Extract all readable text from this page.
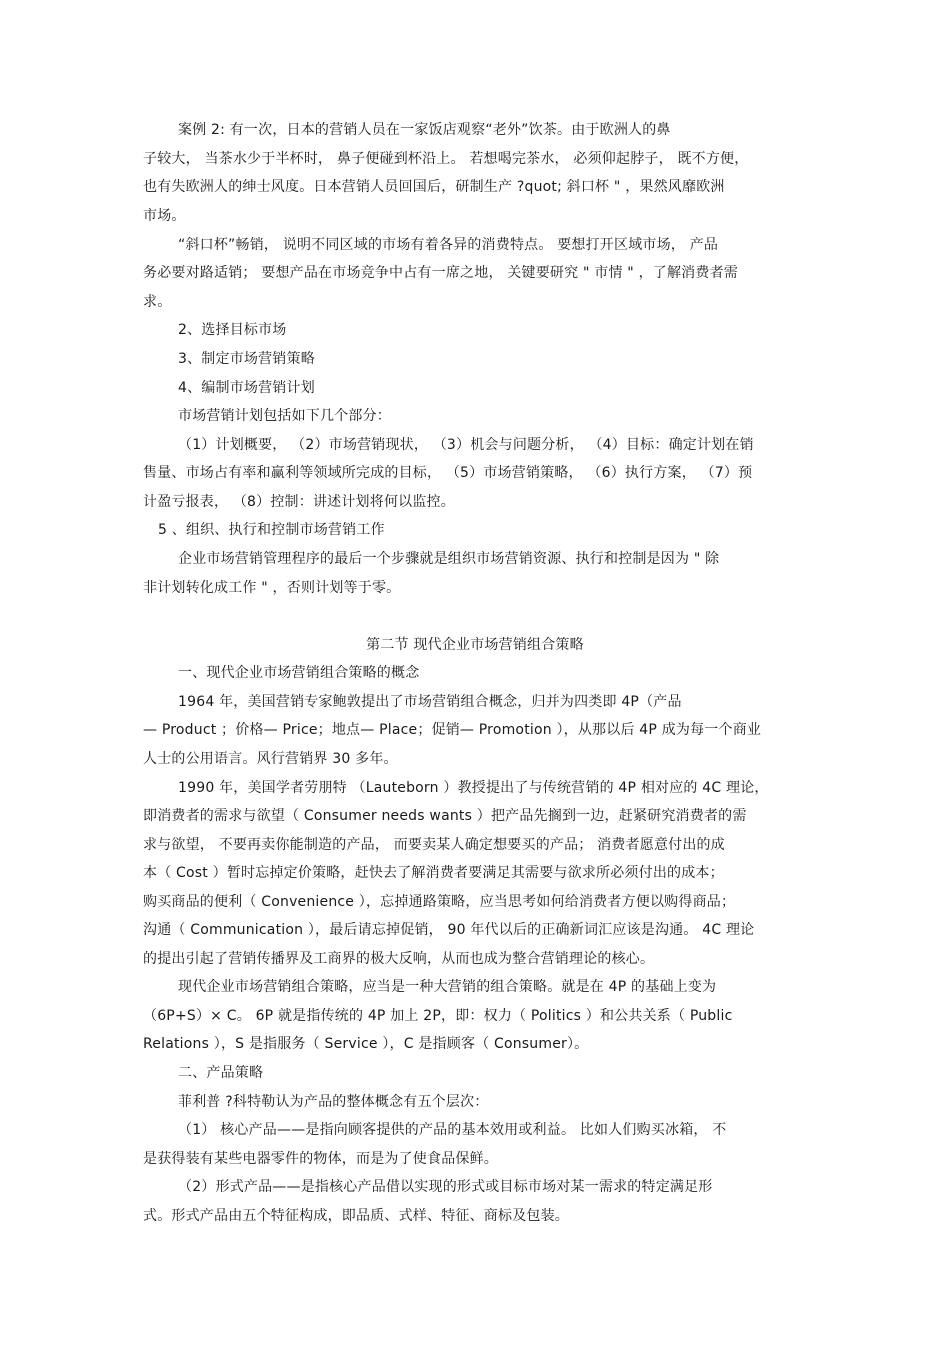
案例 2: 有一次，日本的营销人员在一家饭店观察“老外”饮茶。由于欧洲人的鼻
子较大， 当茶水少于半杯时， 鼻子便碰到杯沿上。 若想喝完茶水， 必须仰起脖子， 既不方便，
也有失欧洲人的绅士风度。日本营销人员回国后，研制生产 ?quot; 斜口杯 " ，果然风靡欧洲
市场。
“斜口杯”畅销， 说明不同区域的市场有着各异的消费特点。 要想打开区域市场， 产品
务必要对路适销； 要想产品在市场竞争中占有一席之地， 关键要研究 " 市情 " ，了解消费者需
求。
2、选择目标市场
3、制定市场营销策略
4、编制市场营销计划
市场营销计划包括如下几个部分：
（1）计划概要， （2）市场营销现状， （3）机会与问题分析， （4）目标：确定计划在销
售量、市场占有率和赢利等领域所完成的目标， （5）市场营销策略， （6）执行方案， （7）预
计盈亏报表， （8）控制：讲述计划将何以监控。
5 、组织、执行和控制市场营销工作
企业市场营销管理程序的最后一个步骤就是组织市场营销资源、执行和控制是因为 " 除
非计划转化成工作 " ，否则计划等于零。
第二节 现代企业市场营销组合策略
一、现代企业市场营销组合策略的概念
1964 年，美国营销专家鲍敦提出了市场营销组合概念，归并为四类即 4P（产品
— Product ；价格— Price；地点— Place；促销— Promotion ），从那以后 4P 成为每一个商业
人士的公用语言。风行营销界 30 多年。
1990 年，美国学者劳朋特 （Lauteborn ）教授提出了与传统营销的 4P 相对应的 4C 理论，
即消费者的需求与欲望（ Consumer needs wants ）把产品先搁到一边，赶紧研究消费者的需
求与欲望， 不要再卖你能制造的产品， 而要卖某人确定想要买的产品； 消费者愿意付出的成
本（ Cost ）暂时忘掉定价策略，赶快去了解消费者要满足其需要与欲求所必须付出的成本；
购买商品的便利（ Convenience ），忘掉通路策略，应当思考如何给消费者方便以购得商品；
沟通（ Communication ），最后请忘掉促销， 90 年代以后的正确新词汇应该是沟通。 4C 理论
的提出引起了营销传播界及工商界的极大反响，从而也成为整合营销理论的核心。
现代企业市场营销组合策略，应当是一种大营销的组合策略。就是在 4P 的基础上变为
（6P+S）× C。 6P 就是指传统的 4P 加上 2P，即：权力（ Politics ）和公共关系（ Public
Relations ），S 是指服务（ Service ），C 是指顾客（ Consumer）。
二、产品策略
菲利普 ?科特勒认为产品的整体概念有五个层次：
（1） 核心产品——是指向顾客提供的产品的基本效用或利益。 比如人们购买冰箱， 不
是获得装有某些电器零件的物体，而是为了使食品保鲜。
（2）形式产品——是指核心产品借以实现的形式或目标市场对某一需求的特定满足形
式。形式产品由五个特征构成，即品质、式样、特征、商标及包装。
